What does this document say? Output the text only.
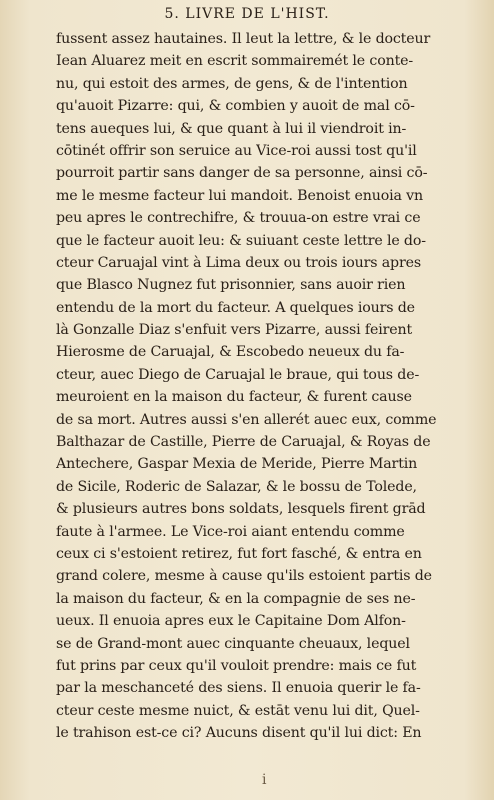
5. LIVRE DE L'HIST.
fussent assez hautaines. Il leut la lettre, & le docteur
Iean Aluarez meit en escrit sommairemét le conte-
nu, qui estoit des armes, de gens, & de l'intention
qu'auoit Pizarre: qui, & combien y auoit de mal cō-
tens aueques lui, & que quant à lui il viendroit in-
cōtinét offrir son seruice au Vice-roi aussi tost qu'il
pourroit partir sans danger de sa personne, ainsi cō-
me le mesme facteur lui mandoit. Benoist enuoia vn
peu apres le contrechifre, & trouua-on estre vrai ce
que le facteur auoit leu: & suiuant ceste lettre le do-
cteur Caruajal vint à Lima deux ou trois iours apres
que Blasco Nugnez fut prisonnier, sans auoir rien
entendu de la mort du facteur. A quelques iours de
là Gonzalle Diaz s'enfuit vers Pizarre, aussi feirent
Hierosme de Caruajal, & Escobedo neueux du fa-
cteur, auec Diego de Caruajal le braue, qui tous de-
meuroient en la maison du facteur, & furent cause
de sa mort. Autres aussi s'en allerét auec eux, comme
Balthazar de Castille, Pierre de Caruajal, & Royas de
Antechere, Gaspar Mexia de Meride, Pierre Martin
de Sicile, Roderic de Salazar, & le bossu de Tolede,
& plusieurs autres bons soldats, lesquels firent grād
faute à l'armee. Le Vice-roi aiant entendu comme
ceux ci s'estoient retirez, fut fort fasché, & entra en
grand colere, mesme à cause qu'ils estoient partis de
la maison du facteur, & en la compagnie de ses ne-
ueux. Il enuoia apres eux le Capitaine Dom Alfon-
se de Grand-mont auec cinquante cheuaux, lequel
fut prins par ceux qu'il vouloit prendre: mais ce fut
par la meschanceté des siens. Il enuoia querir le fa-
cteur ceste mesme nuict, & estāt venu lui dit, Quel-
le trahison est-ce ci? Aucuns disent qu'il lui dict: En
i
